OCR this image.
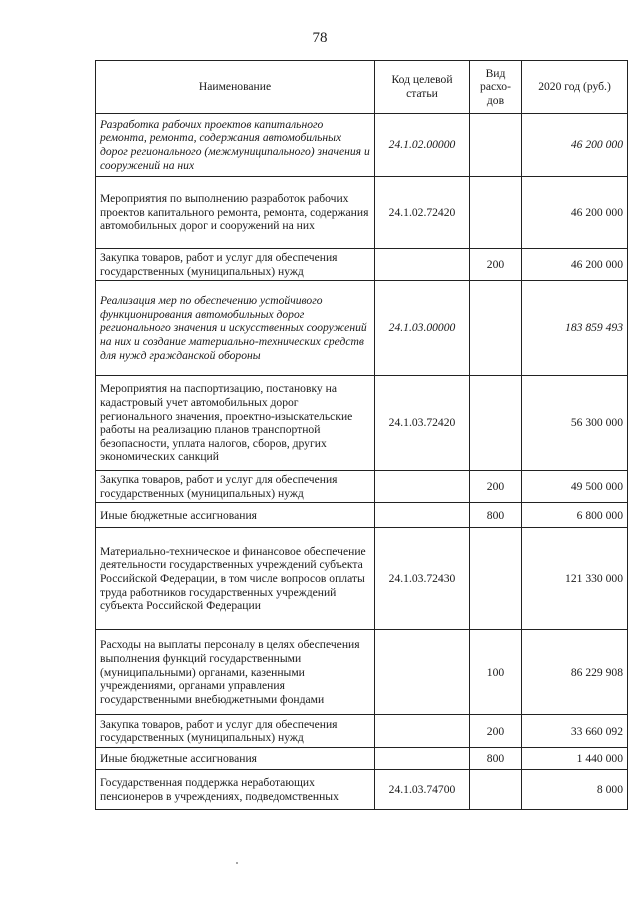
78
Наименование	Код целевой статьи	Вид расхо-дов	2020 год (руб.)
Разработка рабочих проектов капитального ремонта, ремонта, содержания автомобильных дорог регионального (межмуниципального) значения и сооружений на них	24.1.02.00000		46 200 000
Мероприятия по выполнению разработок рабочих проектов капитального ремонта, ремонта, содержания автомобильных дорог и сооружений на них	24.1.02.72420		46 200 000
Закупка товаров, работ и услуг для обеспечения государственных (муниципальных) нужд		200	46 200 000
Реализация мер по обеспечению устойчивого функционирования автомобильных дорог регионального значения и искусственных сооружений на них и создание материально-технических средств для нужд гражданской обороны	24.1.03.00000		183 859 493
Мероприятия на паспортизацию, постановку на кадастровый учет автомобильных дорог регионального значения, проектно-изыскательские работы на реализацию планов транспортной безопасности, уплата налогов, сборов, других экономических санкций	24.1.03.72420		56 300 000
Закупка товаров, работ и услуг для обеспечения государственных (муниципальных) нужд		200	49 500 000
Иные бюджетные ассигнования		800	6 800 000
Материально-техническое и финансовое обеспечение деятельности государственных учреждений субъекта Российской Федерации, в том числе вопросов оплаты труда работников государственных учреждений субъекта Российской Федерации	24.1.03.72430		121 330 000
Расходы на выплаты персоналу в целях обеспечения выполнения функций государственными (муниципальными) органами, казенными учреждениями, органами управления государственными внебюджетными фондами		100	86 229 908
Закупка товаров, работ и услуг для обеспечения государственных (муниципальных) нужд		200	33 660 092
Иные бюджетные ассигнования		800	1 440 000
Государственная поддержка неработающих пенсионеров в учреждениях, подведомственных	24.1.03.74700		8 000
